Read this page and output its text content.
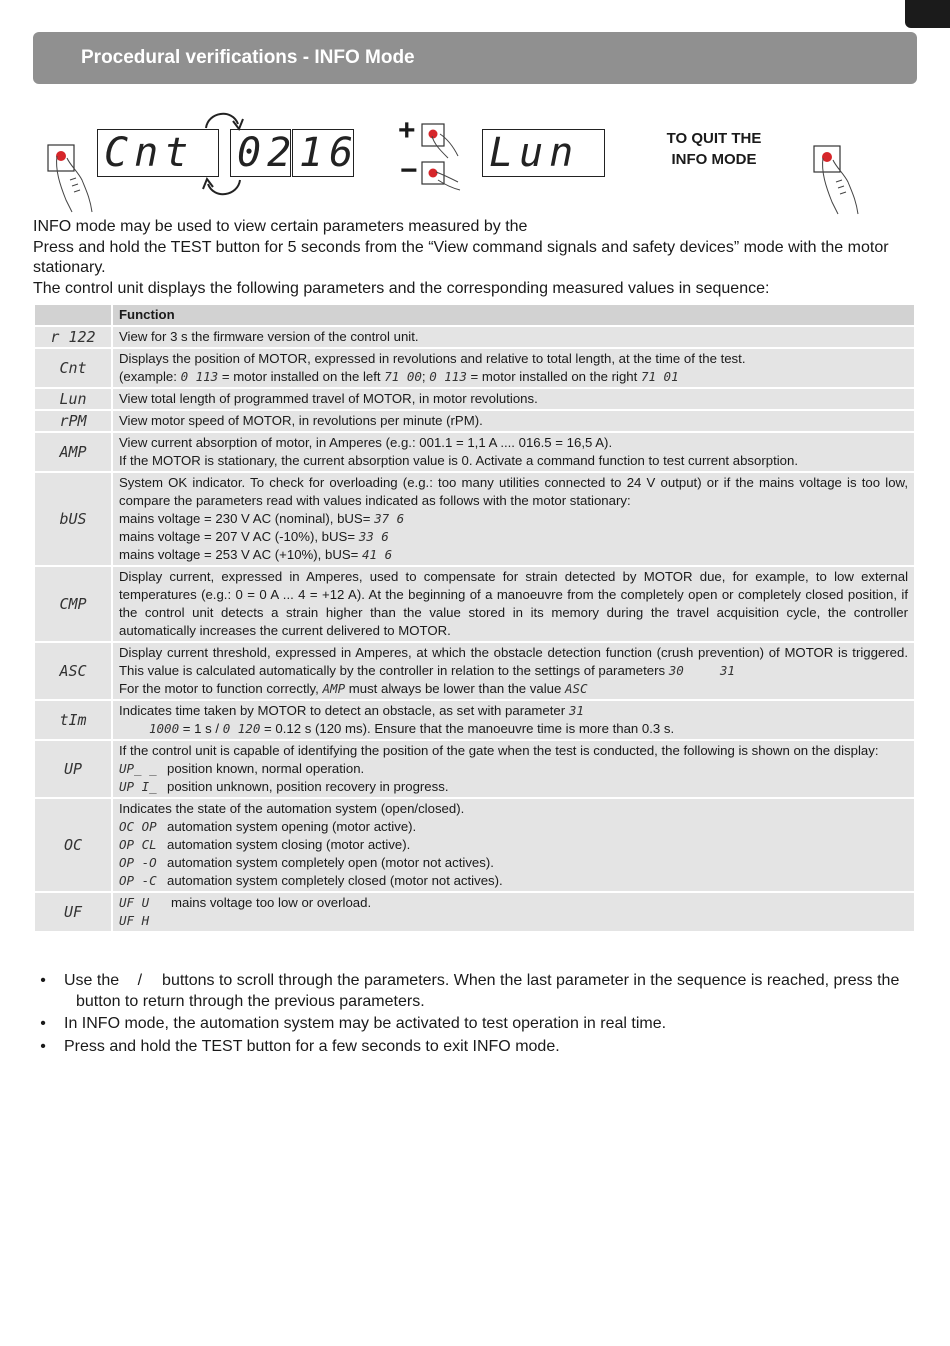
Procedural verifications - INFO Mode
Cnt	02 16 +
− Lun	TO QUIT THE
INFO MODE

INFO mode may be used to view certain parameters measured by the

Press and hold the TEST button for 5 seconds from the “View command signals and safety devices” mode with the motor stationary.

The control unit displays the following parameters and the corresponding measured values in sequence:

	Function
r 122	View for 3 s the firmware version of the control unit.
Cnt	Displays the position of MOTOR, expressed in revolutions and relative to total length, at the time of the test.
(example: 0 113 = motor installed on the left 71 00; 0 113 = motor installed on the right 71 01

Lun	View total length of programmed travel of MOTOR, in motor revolutions.
rPM	View motor speed of MOTOR, in revolutions per minute (rPM).
AMP	View current absorption of motor, in Amperes (e.g.: 001.1 = 1,1 A .... 016.5 = 16,5 A).
If the MOTOR is stationary, the current absorption value is 0. Activate a command function to test current absorption.

bUS	System OK indicator. To check for overloading (e.g.: too many utilities connected to 24 V output) or if the mains voltage is too low, compare the parameters read with values indicated as follows with the motor stationary:
mains voltage = 230 V AC (nominal), bUS= 37 6
mains voltage = 207 V AC (-10%), bUS= 33 6
mains voltage = 253 V AC (+10%), bUS= 41 6

CMP	Display current, expressed in Amperes, used to compensate for strain detected by MOTOR due, for example, to low external temperatures (e.g.: 0 = 0 A ... 4 = +12 A). At the beginning of a manoeuvre from the completely open or completely closed position, if the control unit detects a strain higher than the value stored in its memory during the travel acquisition cycle, the controller automatically increases the current delivered to MOTOR.
ASC	Display current threshold, expressed in Amperes, at which the obstacle detection function (crush prevention) of MOTOR is triggered. This value is calculated automatically by the controller in relation to the settings of parameters 30 31
For the motor to function correctly, AMP must always be lower than the value ASC

tIm	Indicates time taken by MOTOR to detect an obstacle, as set with parameter 31
1000 = 1 s / 0 120 = 0.12 s (120 ms). Ensure that the manoeuvre time is more than 0.3 s.

UP	If the control unit is capable of identifying the position of the gate when the test is conducted, the following is shown on the display:
UP_ _ position known, normal operation.
UP I_ position unknown, position recovery in progress.

OC	Indicates the state of the automation system (open/closed).
OC OP automation system opening (motor active).
OP CL automation system closing (motor active).
OP -O automation system completely open (motor not actives).
OP -C automation system completely closed (motor not actives).

UF	UF U mains voltage too low or overload.
UF H
•	Use the / buttons to scroll through the parameters. When the last parameter in the sequence is reached, press the
button to return through the previous parameters.
•	In INFO mode, the automation system may be activated to test operation in real time.
•	Press and hold the TEST button for a few seconds to exit INFO mode.
